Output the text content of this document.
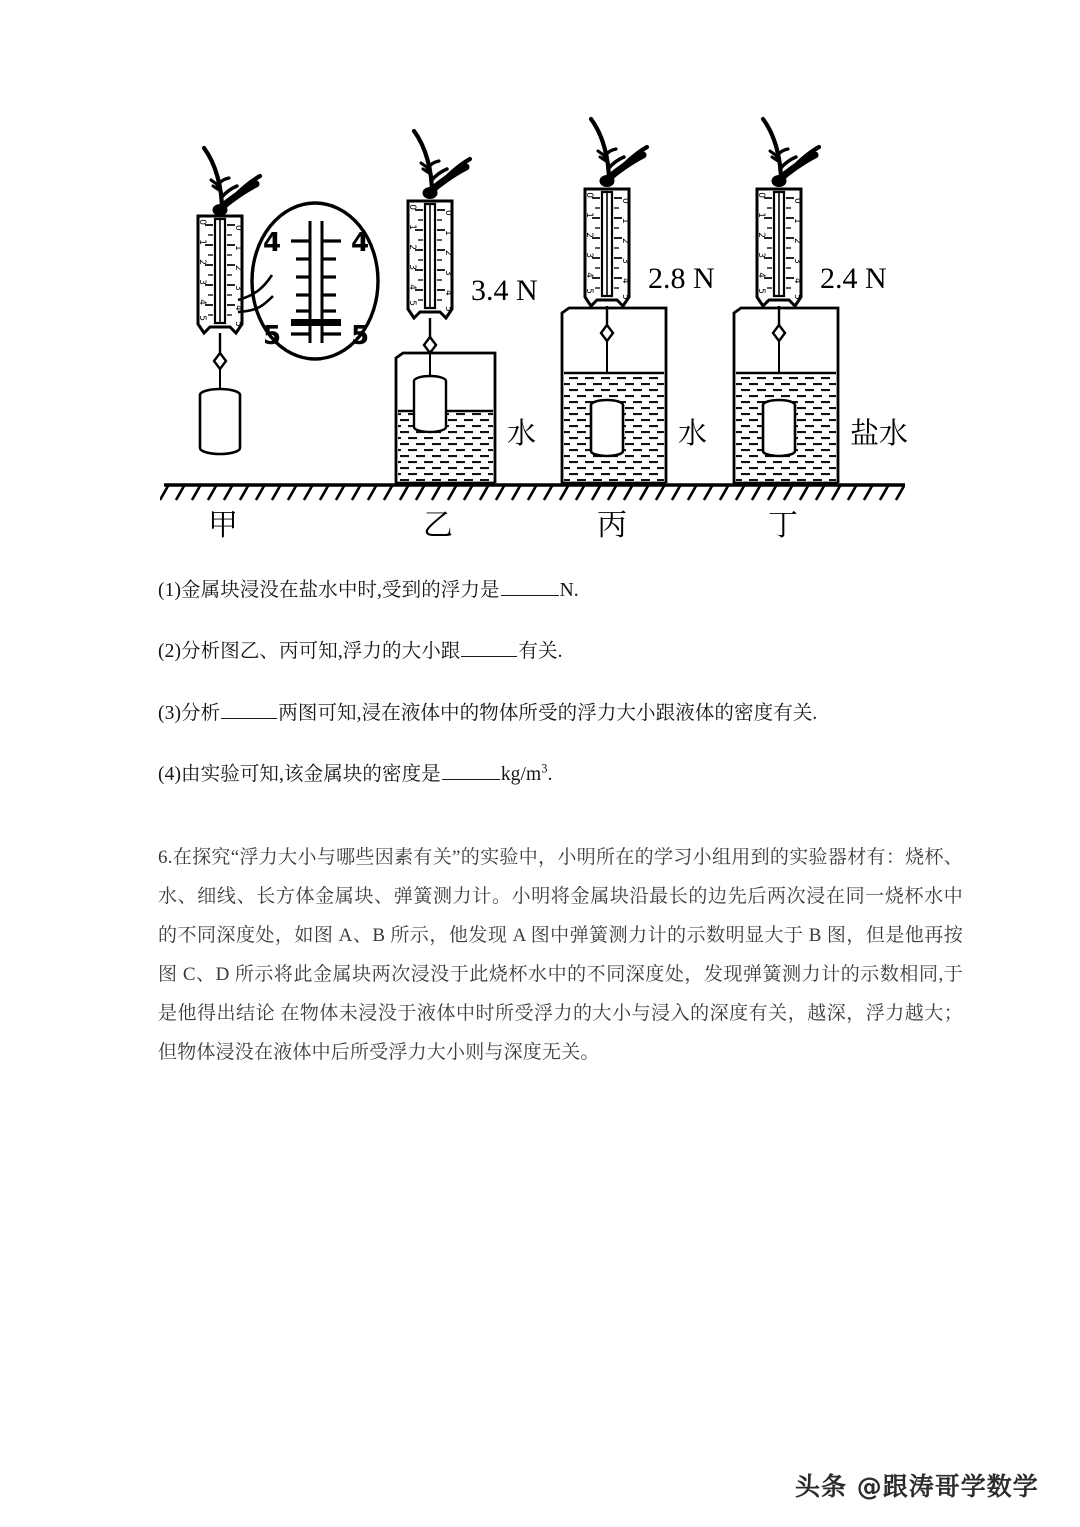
0
1
2
3
4
5
0
1
2
3
4
5
4	4
5	5
0
1
2
3
4
5
0
1
2
3
4
5
3.4 N
水
0
1
2
3
4
5
0
1
2
3
4
5
2.8 N
水
0
1
2
3
4
5
0
1
2
3
4
5
2.4 N
盐水
甲	乙	丙	丁

(1)金属块浸没在盐水中时,受到的浮力是	N.

(2)分析图乙、丙可知,浮力的大小跟	有关.

(3)分析	两图可知,浸在液体中的物体所受的浮力大小跟液体的密度有关.

(4)由实验可知,该金属块的密度是	$kg/m^3$.

6.在探究“浮力大小与哪些因素有关”的实验中，小明所在的学习小组用到的实验器材有：烧杯、水、细线、长方体金属块、弹簧测力计。小明将金属块沿最长的边先后两次浸在同一烧杯水中的不同深度处，如图 A、B 所示，他发现 A 图中弹簧测力计的示数明显大于 B 图，但是他再按图 C、D 所示将此金属块两次浸没于此烧杯水中的不同深度处，发现弹簧测力计的示数相同,于是他得出结论 在物体未浸没于液体中时所受浮力的大小与浸入的深度有关，越深，浮力越大；但物体浸没在液体中后所受浮力大小则与深度无关。
头条 @跟涛哥学数学
